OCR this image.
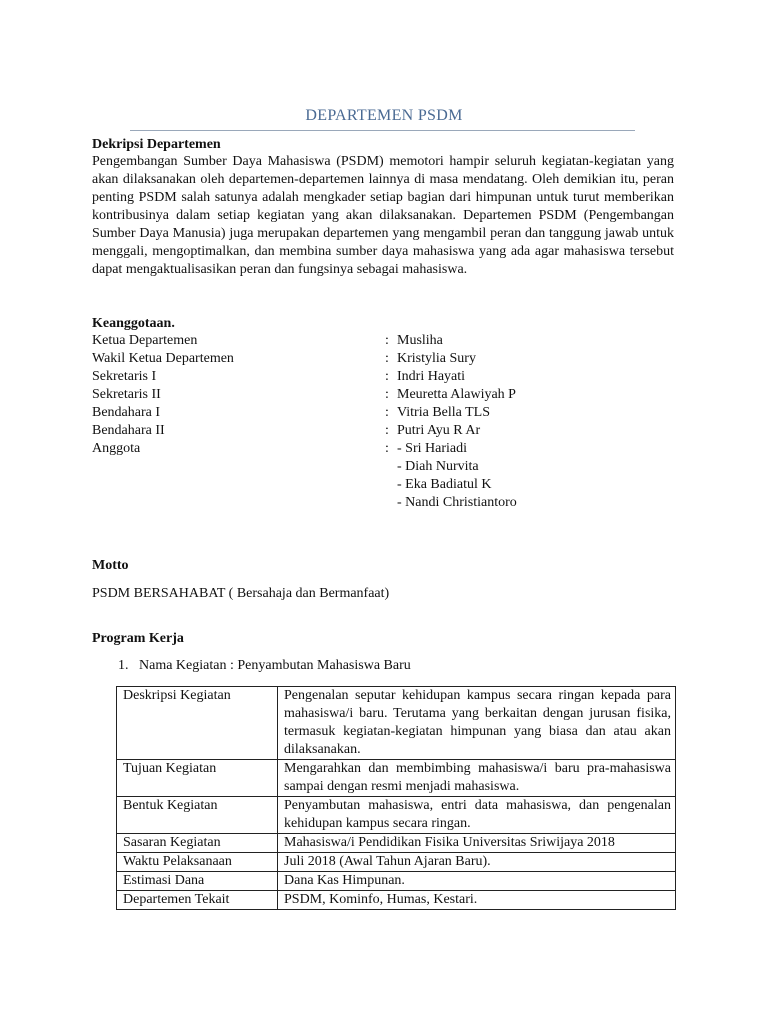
DEPARTEMEN PSDM
Dekripsi Departemen
Pengembangan Sumber Daya Mahasiswa (PSDM) memotori hampir seluruh kegiatan-kegiatan yang akan dilaksanakan oleh departemen-departemen lainnya di masa mendatang. Oleh demikian itu, peran penting PSDM salah satunya adalah mengkader setiap bagian dari himpunan untuk turut memberikan kontribusinya dalam setiap kegiatan yang akan dilaksanakan. Departemen PSDM (Pengembangan Sumber Daya Manusia) juga merupakan departemen yang mengambil peran dan tanggung jawab untuk menggali, mengoptimalkan, dan membina sumber daya mahasiswa yang ada agar mahasiswa tersebut dapat mengaktualisasikan peran dan fungsinya sebagai mahasiswa.
Keanggotaan.
Ketua Departemen	: Musliha
Wakil Ketua Departemen	: Kristylia Sury
Sekretaris I	: Indri Hayati
Sekretaris II	: Meuretta Alawiyah P
Bendahara I	: Vitria Bella TLS
Bendahara II	: Putri Ayu R Ar
Anggota	: - Sri Hariadi
- Diah Nurvita
- Eka Badiatul K
- Nandi Christiantoro
Motto
PSDM BERSAHABAT ( Bersahaja dan Bermanfaat)
Program Kerja
1. Nama Kegiatan : Penyambutan Mahasiswa Baru
Deskripsi Kegiatan	Pengenalan seputar kehidupan kampus secara ringan kepada para mahasiswa/i baru. Terutama yang berkaitan dengan jurusan fisika, termasuk kegiatan-kegiatan himpunan yang biasa dan atau akan dilaksanakan.
Tujuan Kegiatan	Mengarahkan dan membimbing mahasiswa/i baru pra-mahasiswa sampai dengan resmi menjadi mahasiswa.
Bentuk Kegiatan	Penyambutan mahasiswa, entri data mahasiswa, dan pengenalan kehidupan kampus secara ringan.
Sasaran Kegiatan	Mahasiswa/i Pendidikan Fisika Universitas Sriwijaya 2018
Waktu Pelaksanaan	Juli 2018 (Awal Tahun Ajaran Baru).
Estimasi Dana	Dana Kas Himpunan.
Departemen Tekait	PSDM, Kominfo, Humas, Kestari.
